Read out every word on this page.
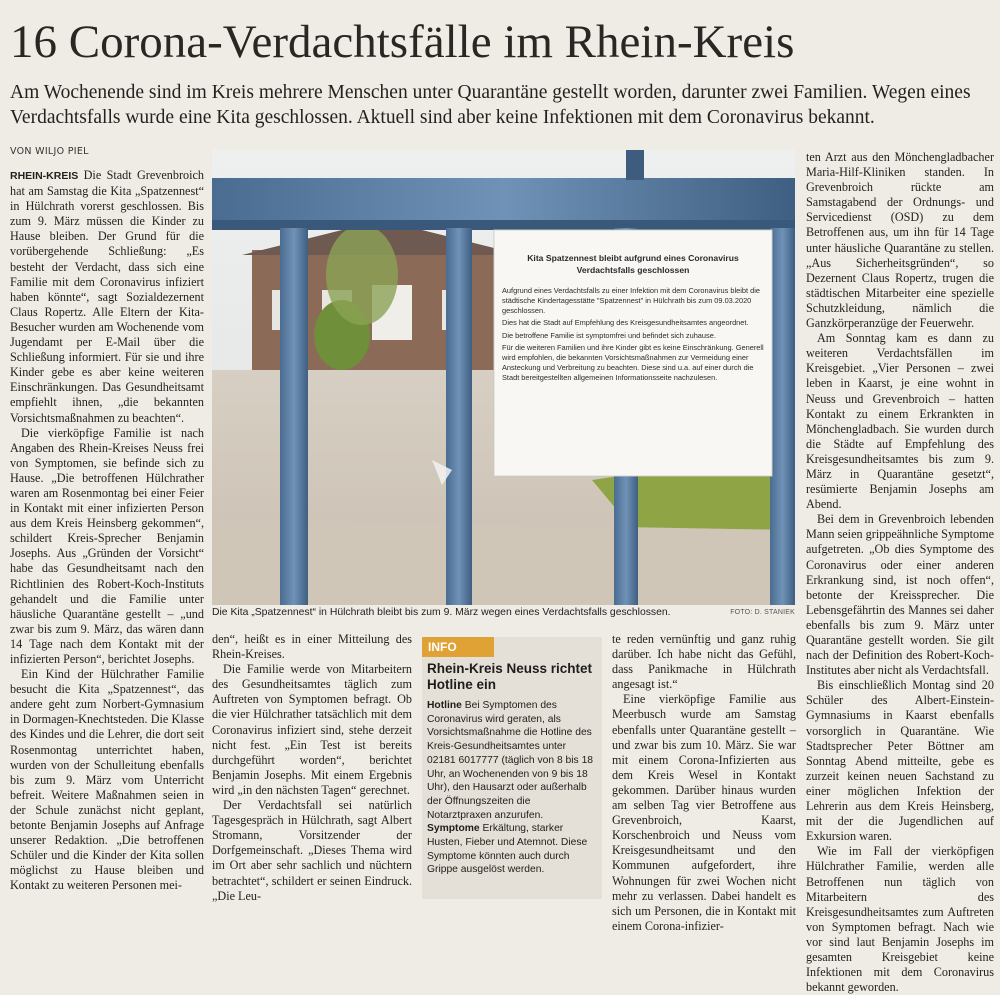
16 Corona-Verdachtsfälle im Rhein-Kreis
Am Wochenende sind im Kreis mehrere Menschen unter Quarantäne gestellt worden, darunter zwei Familien. Wegen eines Verdachtsfalls wurde eine Kita geschlossen. Aktuell sind aber keine Infektionen mit dem Coronavirus bekannt.
VON WILJO PIEL

RHEIN-KREIS Die Stadt Grevenbroich hat am Samstag die Kita „Spatzennest“ in Hülchrath vorerst geschlossen. Bis zum 9. März müssen die Kinder zu Hause bleiben. Der Grund für die vorübergehende Schließung: „Es besteht der Verdacht, dass sich eine Familie mit dem Coronavirus infiziert haben könnte“, sagt Sozialdezernent Claus Ropertz. Alle Eltern der Kita-Besucher wurden am Wochenende vom Jugendamt per E-Mail über die Schließung informiert. Für sie und ihre Kinder gebe es aber keine weiteren Einschränkungen. Das Gesundheitsamt empfiehlt ihnen, „die bekannten Vorsichtsmaßnahmen zu beachten“.

Die vierköpfige Familie ist nach Angaben des Rhein-Kreises Neuss frei von Symptomen, sie befinde sich zu Hause. „Die betroffenen Hülchrather waren am Rosenmontag bei einer Feier in Kontakt mit einer infizierten Person aus dem Kreis Heinsberg gekommen“, schildert Kreis-Sprecher Benjamin Josephs. Aus „Gründen der Vorsicht“ habe das Gesundheitsamt nach den Richtlinien des Robert-Koch-Instituts gehandelt und die Familie unter häusliche Quarantäne gestellt – „und zwar bis zum 9. März, das wären dann 14 Tage nach dem Kontakt mit der infizierten Person“, berichtet Josephs.

Ein Kind der Hülchrather Familie besucht die Kita „Spatzennest“, das andere geht zum Norbert-Gymnasium in Dormagen-Knechtsteden. Die Klasse des Kindes und die Lehrer, die dort seit Rosenmontag unterrichtet haben, wurden von der Schulleitung ebenfalls bis zum 9. März vom Unterricht befreit. Weitere Maßnahmen seien in der Schule zunächst nicht geplant, betonte Benjamin Josephs auf Anfrage unserer Redaktion. „Die betroffenen Schüler und die Kinder der Kita sollen möglichst zu Hause bleiben und Kontakt zu weiteren Personen mei-

Kita Spatzennest bleibt aufgrund eines Coronavirus Verdachtsfalls geschlossen
Aufgrund eines Verdachtsfalls zu einer Infektion mit dem Coronavirus bleibt die städtische Kindertagesstätte "Spatzennest" in Hülchrath bis zum 09.03.2020 geschlossen.
Dies hat die Stadt auf Empfehlung des Kreisgesundheitsamtes angeordnet.
Die betroffene Familie ist symptomfrei und befindet sich zuhause.
Für die weiteren Familien und ihre Kinder gibt es keine Einschränkung. Generell wird empfohlen, die bekannten Vorsichtsmaßnahmen zur Vermeidung einer Ansteckung und Verbreitung zu beachten. Diese sind u.a. auf einer durch die Stadt bereitgestellten allgemeinen Informationsseite nachzulesen.
Die Kita „Spatzennest“ in Hülchrath bleibt bis zum 9. März wegen eines Verdachtsfalls geschlossen.	FOTO: D. STANIEK

den“, heißt es in einer Mitteilung des Rhein-Kreises.

Die Familie werde von Mitarbeitern des Gesundheitsamtes täglich zum Auftreten von Symptomen befragt. Ob die vier Hülchrather tatsächlich mit dem Coronavirus infiziert sind, stehe derzeit nicht fest. „Ein Test ist bereits durchgeführt worden“, berichtet Benjamin Josephs. Mit einem Ergebnis wird „in den nächsten Tagen“ gerechnet.

Der Verdachtsfall sei natürlich Tagesgespräch in Hülchrath, sagt Albert Stromann, Vorsitzender der Dorfgemeinschaft. „Dieses Thema wird im Ort aber sehr sachlich und nüchtern betrachtet“, schildert er seinen Eindruck. „Die Leu-

INFO
Rhein-Kreis Neuss richtet Hotline ein
Hotline Bei Symptomen des Coronavirus wird geraten, als Vorsichtsmaßnahme die Hotline des Kreis-Gesundheitsamtes unter 02181 6017777 (täglich von 8 bis 18 Uhr, an Wochenenden von 9 bis 18 Uhr), den Hausarzt oder außerhalb der Öffnungszeiten die Notarztpraxen anzurufen.
Symptome Erkältung, starker Husten, Fieber und Atemnot. Diese Symptome könnten auch durch Grippe ausgelöst werden.

te reden vernünftig und ganz ruhig darüber. Ich habe nicht das Gefühl, dass Panikmache in Hülchrath angesagt ist.“

Eine vierköpfige Familie aus Meerbusch wurde am Samstag ebenfalls unter Quarantäne gestellt – und zwar bis zum 10. März. Sie war mit einem Corona-Infizierten aus dem Kreis Wesel in Kontakt gekommen. Darüber hinaus wurden am selben Tag vier Betroffene aus Grevenbroich, Kaarst, Korschenbroich und Neuss vom Kreisgesundheitsamt und den Kommunen aufgefordert, ihre Wohnungen für zwei Wochen nicht mehr zu verlassen. Dabei handelt es sich um Personen, die in Kontakt mit einem Corona-infizier-

ten Arzt aus den Mönchengladbacher Maria-Hilf-Kliniken standen. In Grevenbroich rückte am Samstagabend der Ordnungs- und Servicedienst (OSD) zu dem Betroffenen aus, um ihn für 14 Tage unter häusliche Quarantäne zu stellen. „Aus Sicherheitsgründen“, so Dezernent Claus Ropertz, trugen die städtischen Mitarbeiter eine spezielle Schutzkleidung, nämlich die Ganzkörperanzüge der Feuerwehr.

Am Sonntag kam es dann zu weiteren Verdachtsfällen im Kreisgebiet. „Vier Personen – zwei leben in Kaarst, je eine wohnt in Neuss und Grevenbroich – hatten Kontakt zu einem Erkrankten in Mönchengladbach. Sie wurden durch die Städte auf Empfehlung des Kreisgesundheitsamtes bis zum 9. März in Quarantäne gesetzt“, resümierte Benjamin Josephs am Abend.

Bei dem in Grevenbroich lebenden Mann seien grippeähnliche Symptome aufgetreten. „Ob dies Symptome des Coronavirus oder einer anderen Erkrankung sind, ist noch offen“, betonte der Kreissprecher. Die Lebensgefährtin des Mannes sei daher ebenfalls bis zum 9. März unter Quarantäne gestellt worden. Sie gilt nach der Definition des Robert-Koch-Institutes aber nicht als Verdachtsfall.

Bis einschließlich Montag sind 20 Schüler des Albert-Einstein-Gymnasiums in Kaarst ebenfalls vorsorglich in Quarantäne. Wie Stadtsprecher Peter Böttner am Sonntag Abend mitteilte, gebe es zurzeit keinen neuen Sachstand zu einer möglichen Infektion der Lehrerin aus dem Kreis Heinsberg, mit der die Jugendlichen auf Exkursion waren.

Wie im Fall der vierköpfigen Hülchrather Familie, werden alle Betroffenen nun täglich von Mitarbeitern des Kreisgesundheitsamtes zum Auftreten von Symptomen befragt. Nach wie vor sind laut Benjamin Josephs im gesamten Kreisgebiet keine Infektionen mit dem Coronavirus bekannt geworden.
